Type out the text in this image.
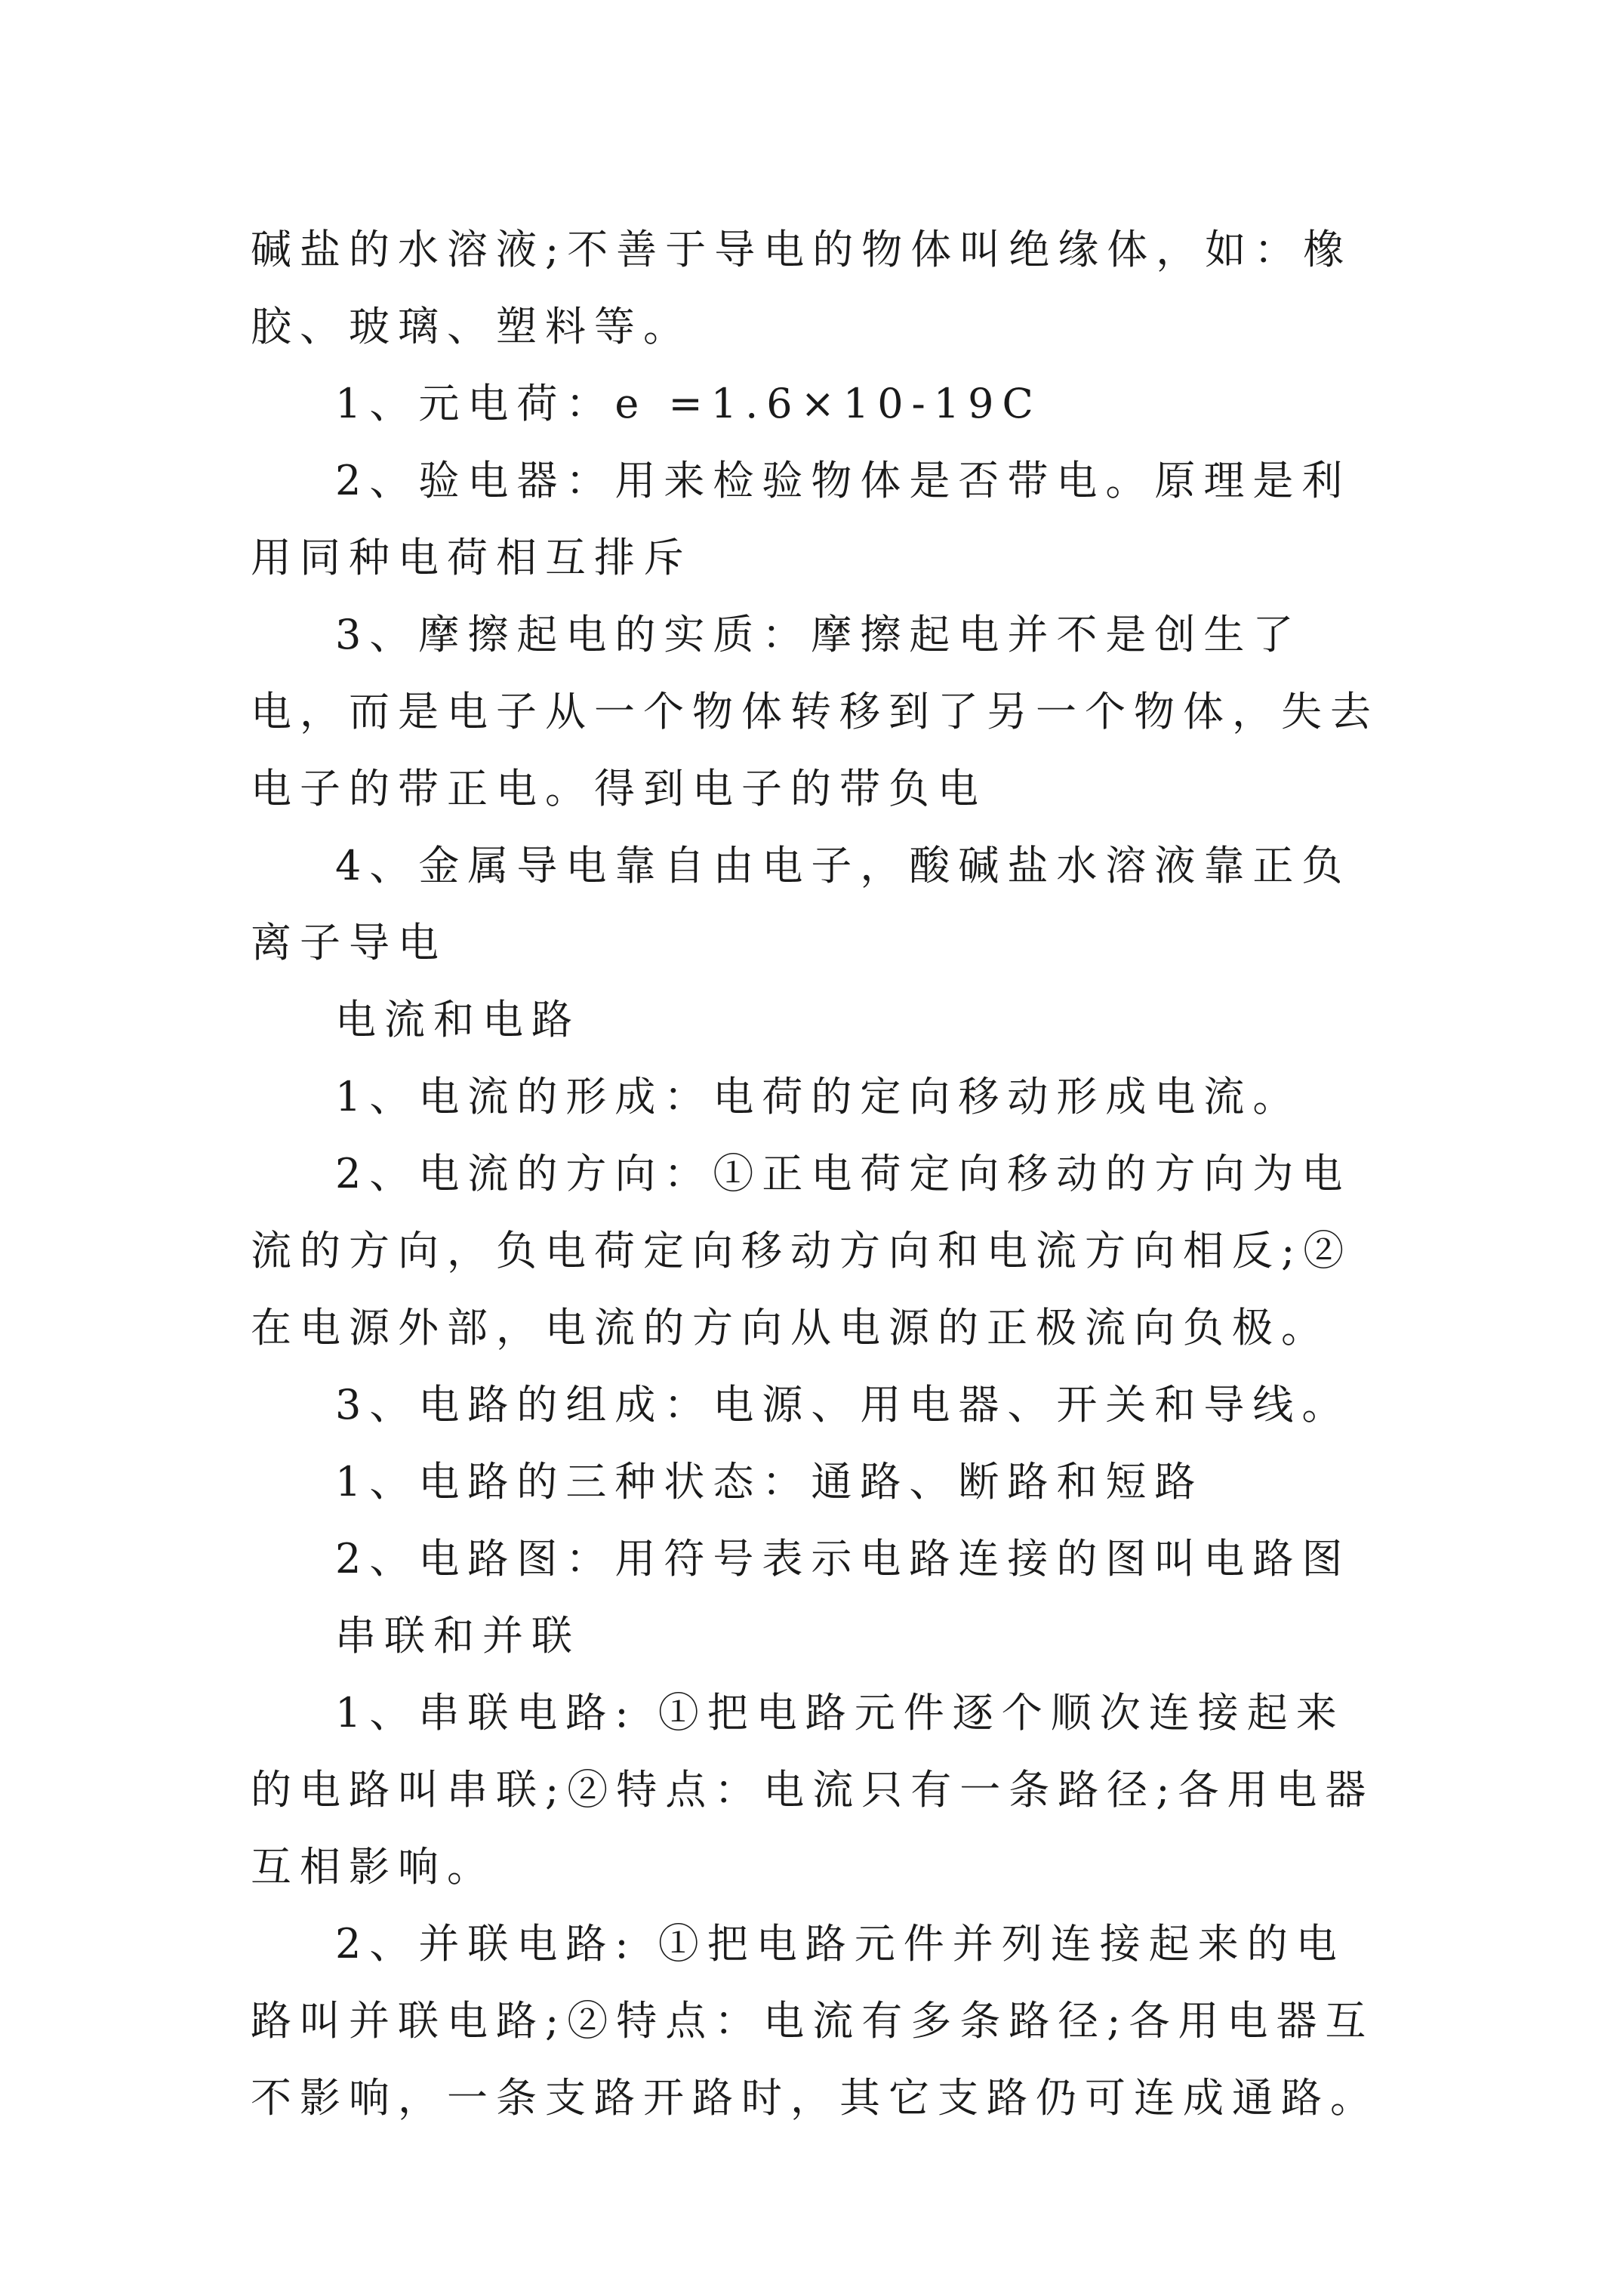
碱盐的水溶液;不善于导电的物体叫绝缘体，如：橡胶、玻璃、塑料等。

1、元电荷：e =1.6×10-19C

2、验电器：用来检验物体是否带电。原理是利用同种电荷相互排斥

3、摩擦起电的实质：摩擦起电并不是创生了电，而是电子从一个物体转移到了另一个物体，失去电子的带正电。得到电子的带负电

4、金属导电靠自由电子，酸碱盐水溶液靠正负离子导电

电流和电路

1、电流的形成：电荷的定向移动形成电流。

2、电流的方向：①正电荷定向移动的方向为电流的方向，负电荷定向移动方向和电流方向相反;②在电源外部，电流的方向从电源的正极流向负极。

3、电路的组成：电源、用电器、开关和导线。

1、电路的三种状态：通路、断路和短路

2、电路图：用符号表示电路连接的图叫电路图

串联和并联

1、串联电路: ①把电路元件逐个顺次连接起来的电路叫串联;②特点：电流只有一条路径;各用电器互相影响。

2、并联电路: ①把电路元件并列连接起来的电路叫并联电路;②特点：电流有多条路径;各用电器互不影响，一条支路开路时，其它支路仍可连成通路。
